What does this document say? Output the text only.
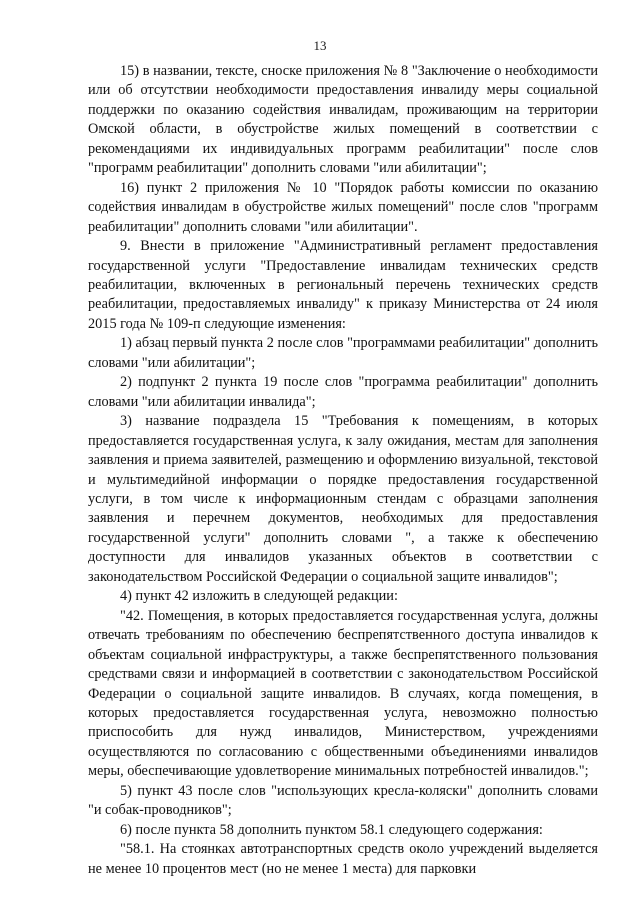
13

15) в названии, тексте, сноске приложения № 8 "Заключение о необходимости или об отсутствии необходимости предоставления инвалиду меры социальной поддержки по оказанию содействия инвалидам, проживающим на территории Омской области, в обустройстве жилых помещений в соответствии с рекомендациями их индивидуальных программ реабилитации" после слов "программ реабилитации" дополнить словами "или абилитации";

16) пункт 2 приложения № 10 "Порядок работы комиссии по оказанию содействия инвалидам в обустройстве жилых помещений" после слов "программ реабилитации" дополнить словами "или абилитации".

9. Внести в приложение "Административный регламент предоставления государственной услуги "Предоставление инвалидам технических средств реабилитации, включенных в региональный перечень технических средств реабилитации, предоставляемых инвалиду" к приказу Министерства от 24 июля 2015 года № 109-п следующие изменения:

1) абзац первый пункта 2 после слов "программами реабилитации" дополнить словами "или абилитации";

2) подпункт 2 пункта 19 после слов "программа реабилитации" дополнить словами "или абилитации инвалида";

3) название подраздела 15 "Требования к помещениям, в которых предоставляется государственная услуга, к залу ожидания, местам для заполнения заявления и приема заявителей, размещению и оформлению визуальной, текстовой и мультимедийной информации о порядке предоставления государственной услуги, в том числе к информационным стендам с образцами заполнения заявления и перечнем документов, необходимых для предоставления государственной услуги" дополнить словами ", а также к обеспечению доступности для инвалидов указанных объектов в соответствии с законодательством Российской Федерации о социальной защите инвалидов";

4) пункт 42 изложить в следующей редакции:

"42. Помещения, в которых предоставляется государственная услуга, должны отвечать требованиям по обеспечению беспрепятственного доступа инвалидов к объектам социальной инфраструктуры, а также беспрепятственного пользования средствами связи и информацией в соответствии с законодательством Российской Федерации о социальной защите инвалидов. В случаях, когда помещения, в которых предоставляется государственная услуга, невозможно полностью приспособить для нужд инвалидов, Министерством, учреждениями осуществляются по согласованию с общественными объединениями инвалидов меры, обеспечивающие удовлетворение минимальных потребностей инвалидов.";

5) пункт 43 после слов "использующих кресла-коляски" дополнить словами "и собак-проводников";

6) после пункта 58 дополнить пунктом 58.1 следующего содержания:

"58.1. На стоянках автотранспортных средств около учреждений выделяется не менее 10 процентов мест (но не менее 1 места) для парковки
